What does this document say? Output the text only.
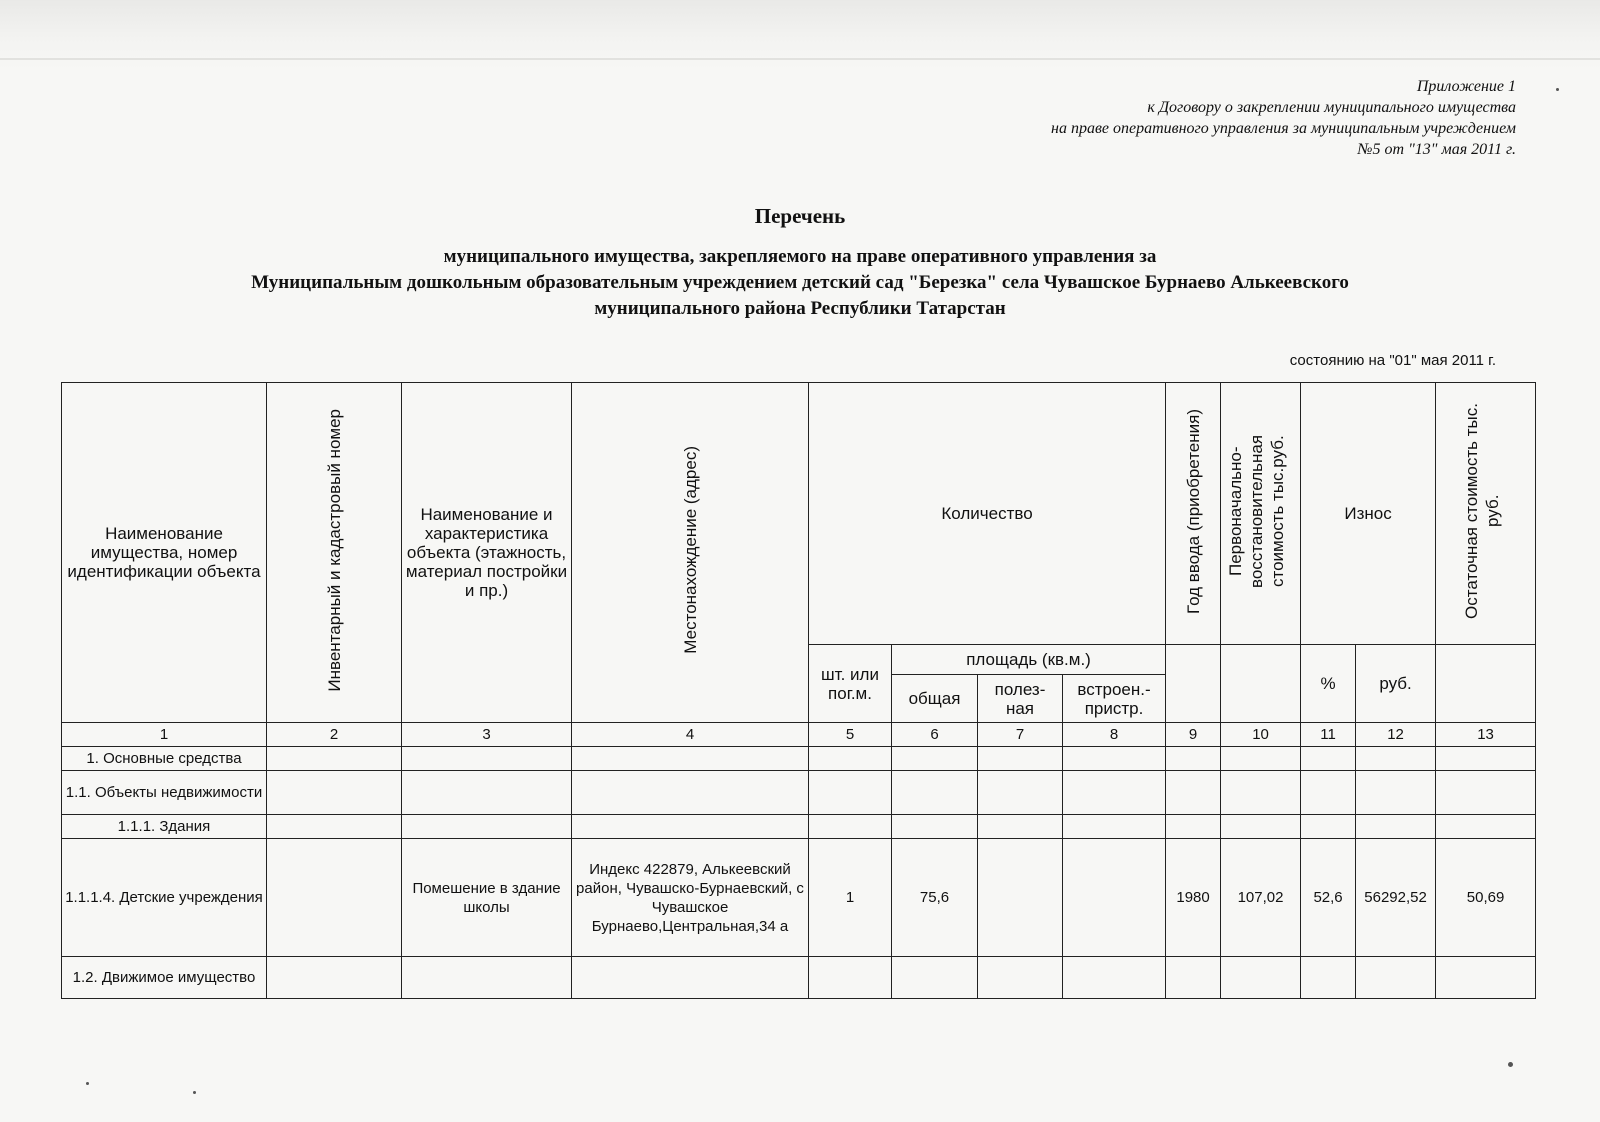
Приложение 1
к Договору о закреплении муниципального имущества
на праве оперативного управления за муниципальным учреждением
№5 от "13" мая 2011 г.
Перечень
муниципального имущества, закрепляемого на праве оперативного управления за
Муниципальным дошкольным образовательным учреждением детский сад "Березка" села Чувашское Бурнаево Алькеевского
муниципального района Республики Татарстан
состоянию на "01" мая 2011 г.
Наименование имущества, номер идентификации объекта	Инвентарный и кадастровый номер	Наименование и характеристика объекта (этажность, материал постройки и пр.)	Местонахождение (адрес)	Количество				Год ввода (приобретения)	Первоначально-восстановительная стоимость тыс.руб.	Износ		Остаточная стоимость тыс. руб.
				шт. или пог.м.	площадь (кв.м.)					%	руб.	
					общая	полез- ная	встроен.- пристр.					
1	2	3	4	5	6	7	8	9	10	11	12	13
1. Основные средства												
1.1. Объекты недвижимости												
1.1.1. Здания												
1.1.1.4. Детские учреждения		Помешение в здание школы	Индекс 422879, Алькеевский район, Чувашско-Бурнаевский, с Чувашское Бурнаево,Центральная,34 а	1	75,6			1980	107,02	52,6	56292,52	50,69
1.2. Движимое имущество												
